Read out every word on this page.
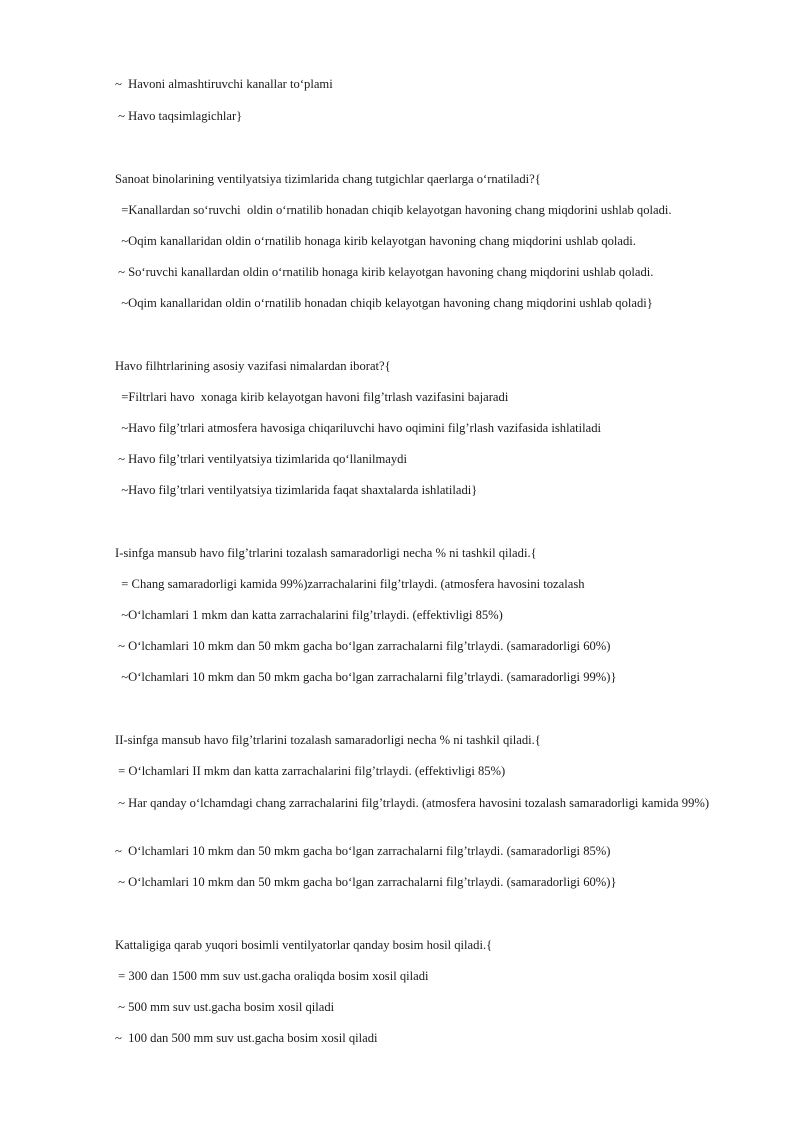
~  Havoni almashtiruvchi kanallar to‘plami
~ Havo taqsimlagichlar}
Sanoat binolarining ventilyatsiya tizimlarida chang tutgichlar qaerlarga o‘rnatiladi?{
=Kanallardan so‘ruvchi  oldin o‘rnatilib honadan chiqib kelayotgan havoning chang miqdorini ushlab qoladi.
~Oqim kanallaridan oldin o‘rnatilib honaga kirib kelayotgan havoning chang miqdorini ushlab qoladi.
~ So‘ruvchi kanallardan oldin o‘rnatilib honaga kirib kelayotgan havoning chang miqdorini ushlab qoladi.
~Oqim kanallaridan oldin o‘rnatilib honadan chiqib kelayotgan havoning chang miqdorini ushlab qoladi}
Havo filhtrlarining asosiy vazifasi nimalardan iborat?{
=Filtrlari havo  xonaga kirib kelayotgan havoni filg’trlash vazifasini bajaradi
~Havo filg’trlari atmosfera havosiga chiqariluvchi havo oqimini filg’rlash vazifasida ishlatiladi
~ Havo filg’trlari ventilyatsiya tizimlarida qo‘llanilmaydi
~Havo filg’trlari ventilyatsiya tizimlarida faqat shaxtalarda ishlatiladi}
I-sinfga mansub havo filg’trlarini tozalash samaradorligi necha % ni tashkil qiladi.{
= Chang samaradorligi kamida 99%)zarrachalarini filg’trlaydi. (atmosfera havosini tozalash
~O‘lchamlari 1 mkm dan katta zarrachalarini filg’trlaydi. (effektivligi 85%)
~ O‘lchamlari 10 mkm dan 50 mkm gacha bo‘lgan zarrachalarni filg’trlaydi. (samaradorligi 60%)
~O‘lchamlari 10 mkm dan 50 mkm gacha bo‘lgan zarrachalarni filg’trlaydi. (samaradorligi 99%)}
II-sinfga mansub havo filg’trlarini tozalash samaradorligi necha % ni tashkil qiladi.{
= O‘lchamlari II mkm dan katta zarrachalarini filg’trlaydi. (effektivligi 85%)
~ Har qanday o‘lchamdagi chang zarrachalarini filg’trlaydi. (atmosfera havosini tozalash samaradorligi kamida 99%)
~  O‘lchamlari 10 mkm dan 50 mkm gacha bo‘lgan zarrachalarni filg’trlaydi. (samaradorligi 85%)
~ O‘lchamlari 10 mkm dan 50 mkm gacha bo‘lgan zarrachalarni filg’trlaydi. (samaradorligi 60%)}
Kattaligiga qarab yuqori bosimli ventilyatorlar qanday bosim hosil qiladi.{
= 300 dan 1500 mm suv ust.gacha oraliqda bosim xosil qiladi
~ 500 mm suv ust.gacha bosim xosil qiladi
~  100 dan 500 mm suv ust.gacha bosim xosil qiladi
